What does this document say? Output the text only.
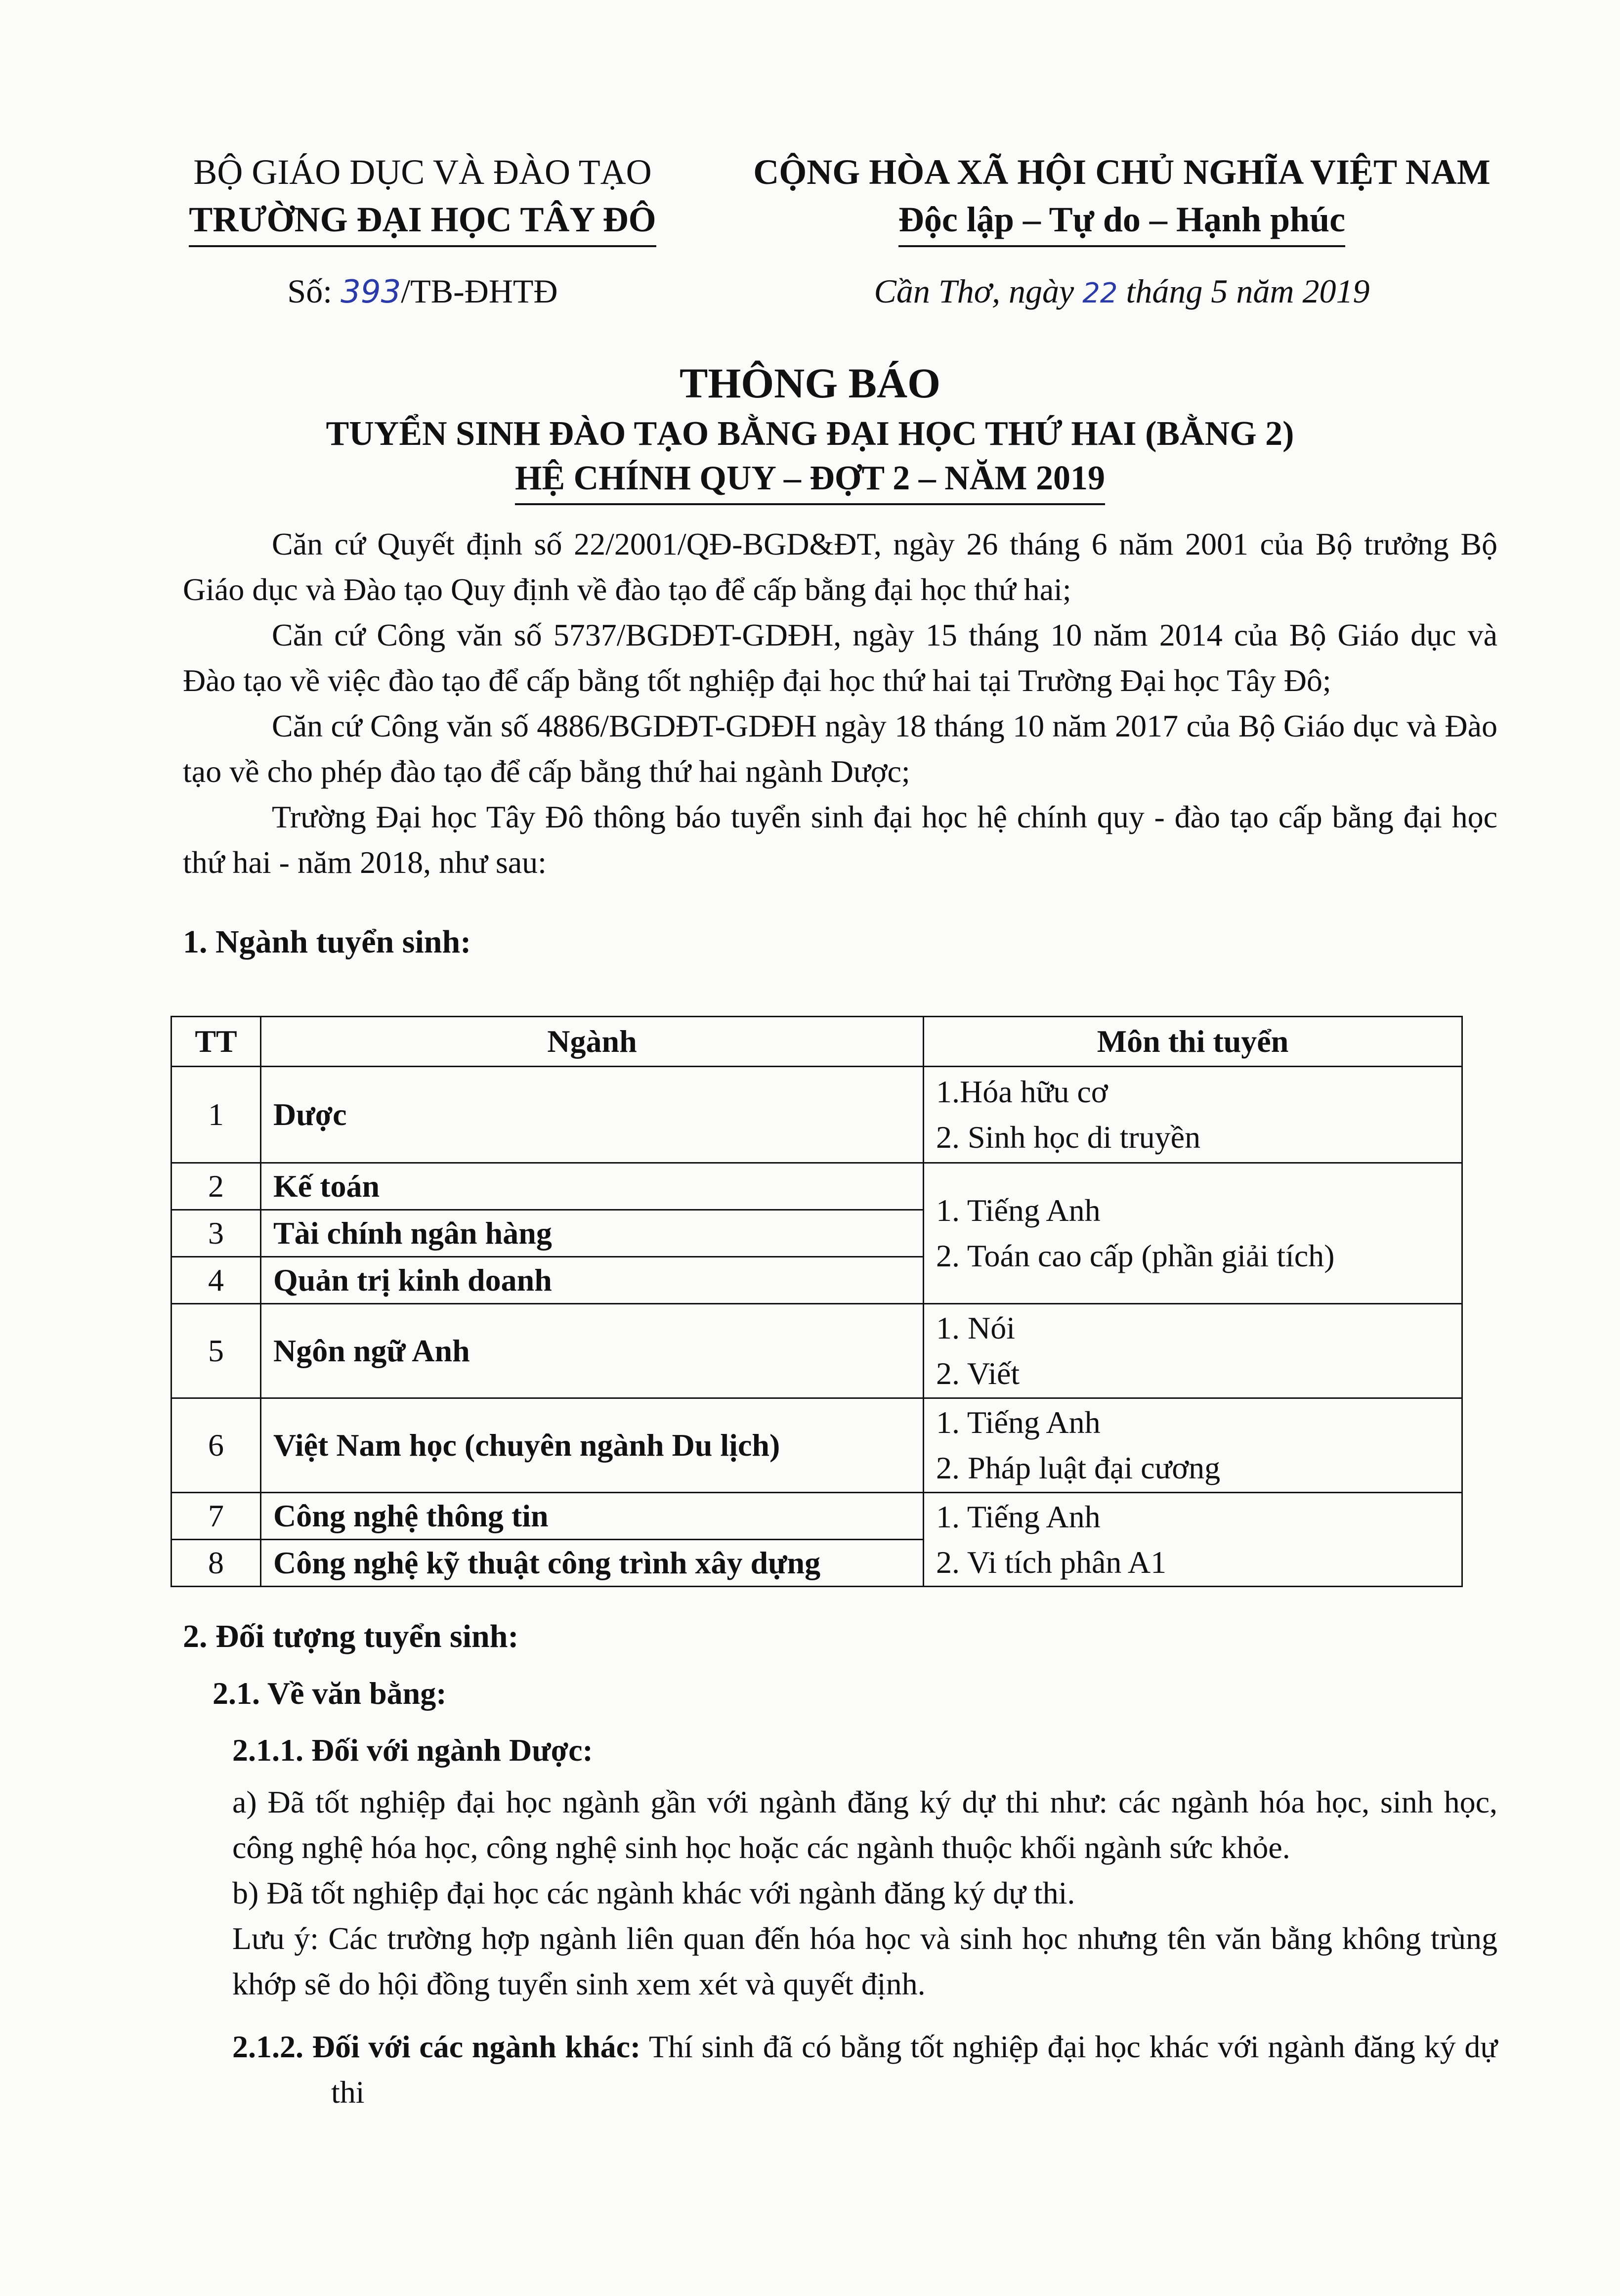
BỘ GIÁO DỤC VÀ ĐÀO TẠO
TRƯỜNG ĐẠI HỌC TÂY ĐÔ
Số: 393/TB-ĐHTĐ
CỘNG HÒA XÃ HỘI CHỦ NGHĨA VIỆT NAM
Độc lập – Tự do – Hạnh phúc
Cần Thơ, ngày 22 tháng 5 năm 2019
THÔNG BÁO
TUYỂN SINH ĐÀO TẠO BẰNG ĐẠI HỌC THỨ HAI (BẰNG 2)
HỆ CHÍNH QUY – ĐỢT 2 – NĂM 2019

Căn cứ Quyết định số 22/2001/QĐ-BGD&ĐT, ngày 26 tháng 6 năm 2001 của Bộ trưởng Bộ Giáo dục và Đào tạo Quy định về đào tạo để cấp bằng đại học thứ hai;

Căn cứ Công văn số 5737/BGDĐT-GDĐH, ngày 15 tháng 10 năm 2014 của Bộ Giáo dục và Đào tạo về việc đào tạo để cấp bằng tốt nghiệp đại học thứ hai tại Trường Đại học Tây Đô;

Căn cứ Công văn số 4886/BGDĐT-GDĐH ngày 18 tháng 10 năm 2017 của Bộ Giáo dục và Đào tạo về cho phép đào tạo để cấp bằng thứ hai ngành Dược;

Trường Đại học Tây Đô thông báo tuyển sinh đại học hệ chính quy - đào tạo cấp bằng đại học thứ hai - năm 2018, như sau:

1. Ngành tuyển sinh:
TT	Ngành	Môn thi tuyển
1	Dược	1.Hóa hữu cơ
2. Sinh học di truyền

2	Kế toán	1. Tiếng Anh
2. Toán cao cấp (phần giải tích)

3	Tài chính ngân hàng	
4	Quản trị kinh doanh	
5	Ngôn ngữ Anh	1. Nói
2. Viết

6	Việt Nam học (chuyên ngành Du lịch)	1. Tiếng Anh
2. Pháp luật đại cương

7	Công nghệ thông tin	1. Tiếng Anh
2. Vi tích phân A1

8	Công nghệ kỹ thuật công trình xây dựng	
2. Đối tượng tuyển sinh:
2.1. Về văn bằng:
2.1.1. Đối với ngành Dược:

a) Đã tốt nghiệp đại học ngành gần với ngành đăng ký dự thi như: các ngành hóa học, sinh học, công nghệ hóa học, công nghệ sinh học hoặc các ngành thuộc khối ngành sức khỏe.

b) Đã tốt nghiệp đại học các ngành khác với ngành đăng ký dự thi.

Lưu ý: Các trường hợp ngành liên quan đến hóa học và sinh học nhưng tên văn bằng không trùng khớp sẽ do hội đồng tuyển sinh xem xét và quyết định.

2.1.2. Đối với các ngành khác: Thí sinh đã có bằng tốt nghiệp đại học khác với ngành đăng ký dự thi
